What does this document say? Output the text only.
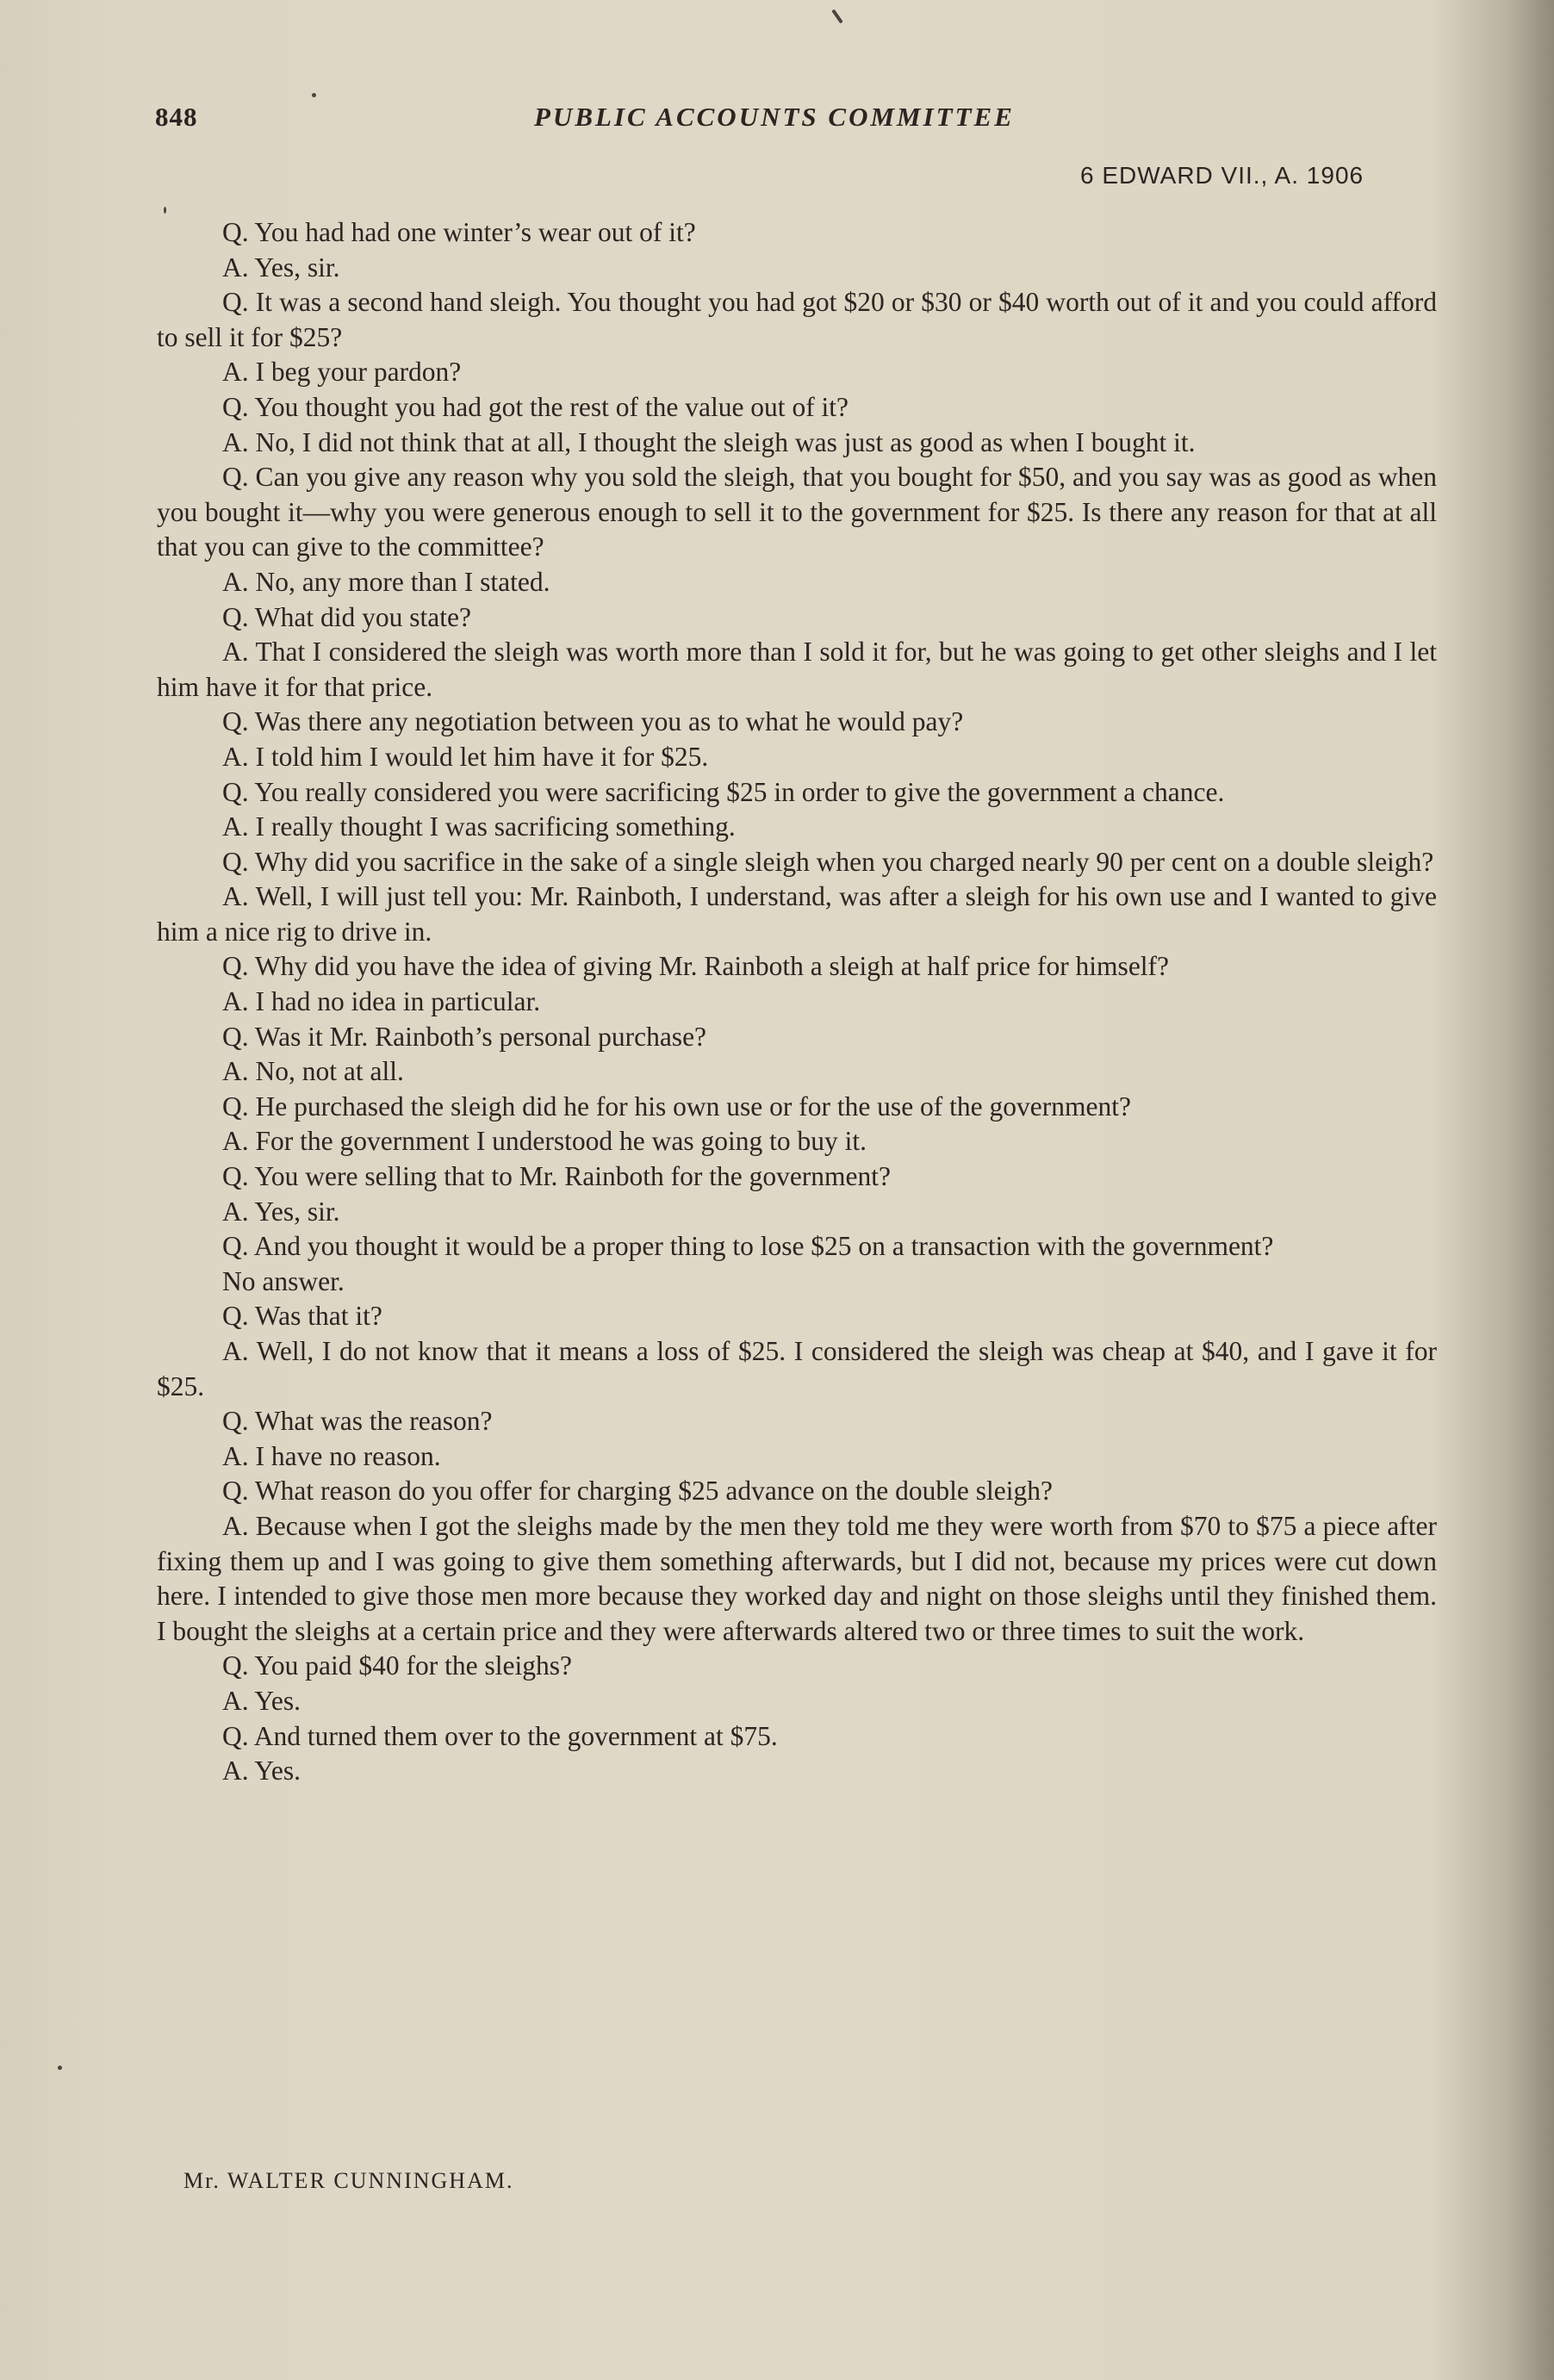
848	PUBLIC ACCOUNTS COMMITTEE
6 EDWARD VII., A. 1906

Q. You had had one winter’s wear out of it?

A. Yes, sir.

Q. It was a second hand sleigh. You thought you had got $20 or $30 or $40 worth out of it and you could afford to sell it for $25?

A. I beg your pardon?

Q. You thought you had got the rest of the value out of it?

A. No, I did not think that at all, I thought the sleigh was just as good as when I bought it.

Q. Can you give any reason why you sold the sleigh, that you bought for $50, and you say was as good as when you bought it—why you were generous enough to sell it to the government for $25. Is there any reason for that at all that you can give to the committee?

A. No, any more than I stated.

Q. What did you state?

A. That I considered the sleigh was worth more than I sold it for, but he was going to get other sleighs and I let him have it for that price.

Q. Was there any negotiation between you as to what he would pay?

A. I told him I would let him have it for $25.

Q. You really considered you were sacrificing $25 in order to give the government a chance.

A. I really thought I was sacrificing something.

Q. Why did you sacrifice in the sake of a single sleigh when you charged nearly 90 per cent on a double sleigh?

A. Well, I will just tell you: Mr. Rainboth, I understand, was after a sleigh for his own use and I wanted to give him a nice rig to drive in.

Q. Why did you have the idea of giving Mr. Rainboth a sleigh at half price for himself?

A. I had no idea in particular.

Q. Was it Mr. Rainboth’s personal purchase?

A. No, not at all.

Q. He purchased the sleigh did he for his own use or for the use of the government?

A. For the government I understood he was going to buy it.

Q. You were selling that to Mr. Rainboth for the government?

A. Yes, sir.

Q. And you thought it would be a proper thing to lose $25 on a transaction with the government?

No answer.

Q. Was that it?

A. Well, I do not know that it means a loss of $25. I considered the sleigh was cheap at $40, and I gave it for $25.

Q. What was the reason?

A. I have no reason.

Q. What reason do you offer for charging $25 advance on the double sleigh?

A. Because when I got the sleighs made by the men they told me they were worth from $70 to $75 a piece after fixing them up and I was going to give them something afterwards, but I did not, because my prices were cut down here. I intended to give those men more because they worked day and night on those sleighs until they finished them. I bought the sleighs at a certain price and they were afterwards altered two or three times to suit the work.

Q. You paid $40 for the sleighs?

A. Yes.

Q. And turned them over to the government at $75.

A. Yes.

Mr. WALTER CUNNINGHAM.
